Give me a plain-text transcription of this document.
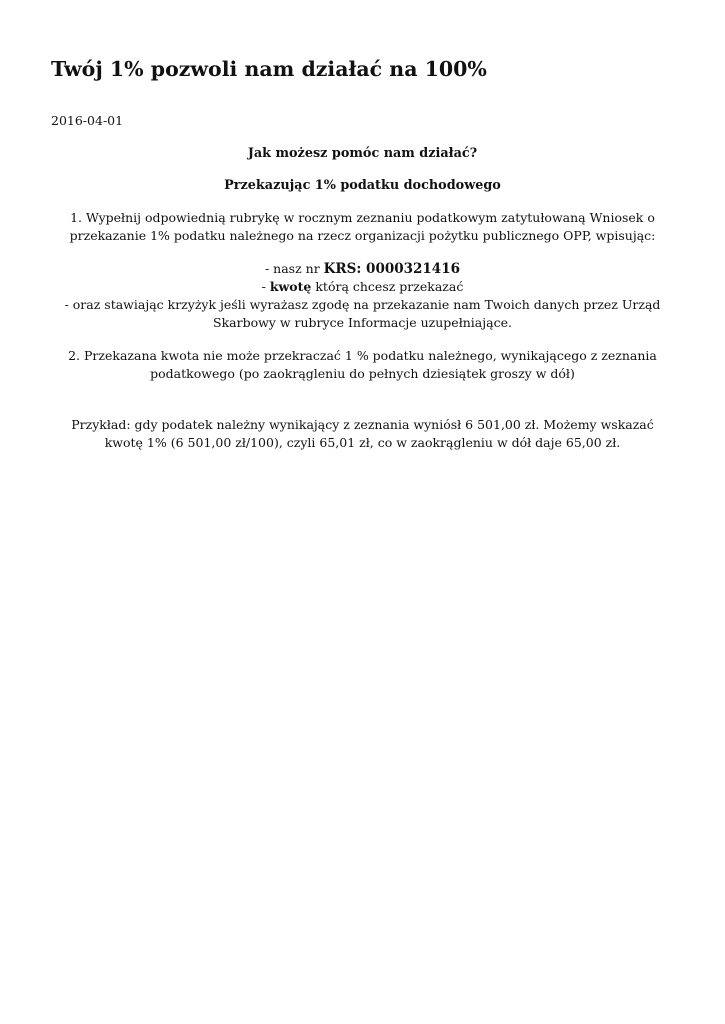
Twój 1% pozwoli nam działać na 100%
2016-04-01

Jak możesz pomóc nam działać?

Przekazując 1% podatku dochodowego

1. Wypełnij odpowiednią rubrykę w rocznym zeznaniu podatkowym zatytułowaną Wniosek o przekazanie 1% podatku należnego na rzecz organizacji pożytku publicznego OPP, wpisując:

- nasz nr KRS: 0000321416
- kwotę którą chcesz przekazać
- oraz stawiając krzyżyk jeśli wyrażasz zgodę na przekazanie nam Twoich danych przez Urząd Skarbowy w rubryce Informacje uzupełniające.

2. Przekazana kwota nie może przekraczać 1 % podatku należnego, wynikającego z zeznania podatkowego (po zaokrągleniu do pełnych dziesiątek groszy w dół)

Przykład: gdy podatek należny wynikający z zeznania wyniósł 6 501,00 zł. Możemy wskazać kwotę 1% (6 501,00 zł/100), czyli 65,01 zł, co w zaokrągleniu w dół daje 65,00 zł.
